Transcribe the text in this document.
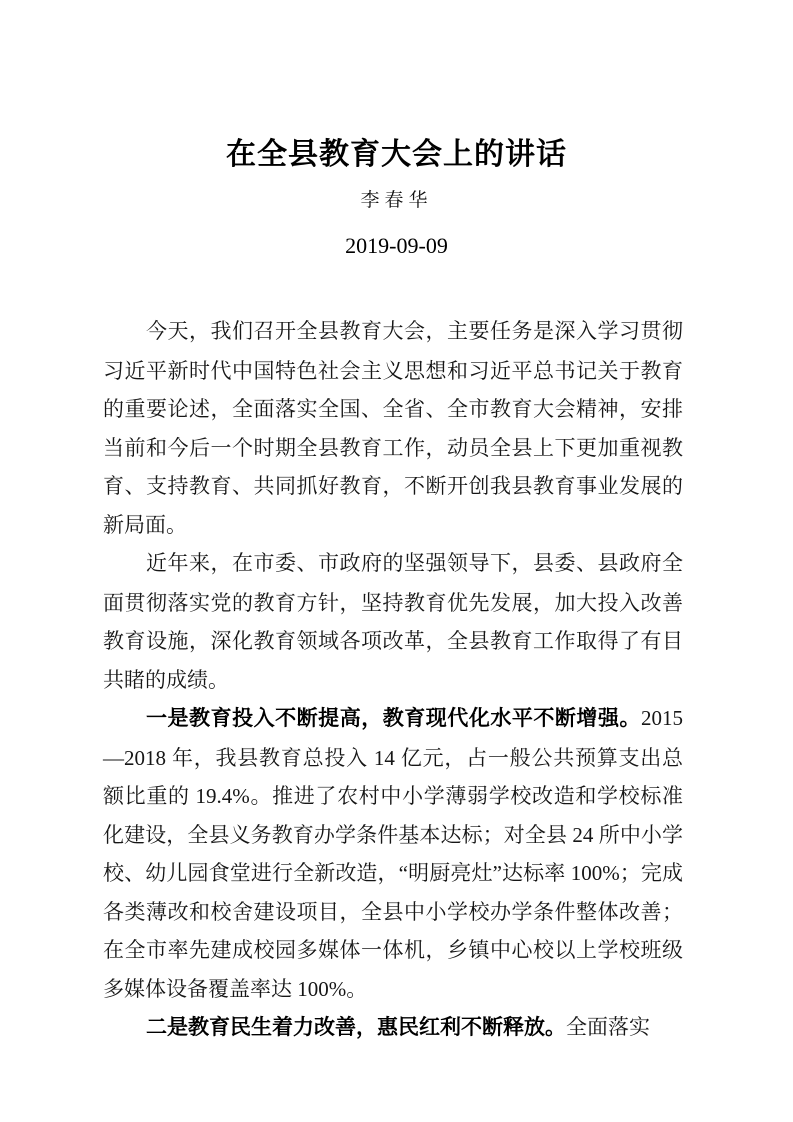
在全县教育大会上的讲话
李春华
2019-09-09

今天，我们召开全县教育大会，主要任务是深入学习贯彻习近平新时代中国特色社会主义思想和习近平总书记关于教育的重要论述，全面落实全国、全省、全市教育大会精神，安排当前和今后一个时期全县教育工作，动员全县上下更加重视教育、支持教育、共同抓好教育，不断开创我县教育事业发展的新局面。

近年来，在市委、市政府的坚强领导下，县委、县政府全面贯彻落实党的教育方针，坚持教育优先发展，加大投入改善教育设施，深化教育领域各项改革，全县教育工作取得了有目共睹的成绩。

一是教育投入不断提高，教育现代化水平不断增强。2015—2018 年，我县教育总投入 14 亿元，占一般公共预算支出总额比重的 19.4%。推进了农村中小学薄弱学校改造和学校标准化建设，全县义务教育办学条件基本达标；对全县 24 所中小学校、幼儿园食堂进行全新改造，“明厨亮灶”达标率 100%；完成各类薄改和校舍建设项目，全县中小学校办学条件整体改善；在全市率先建成校园多媒体一体机，乡镇中心校以上学校班级多媒体设备覆盖率达 100%。

二是教育民生着力改善，惠民红利不断释放。全面落实
